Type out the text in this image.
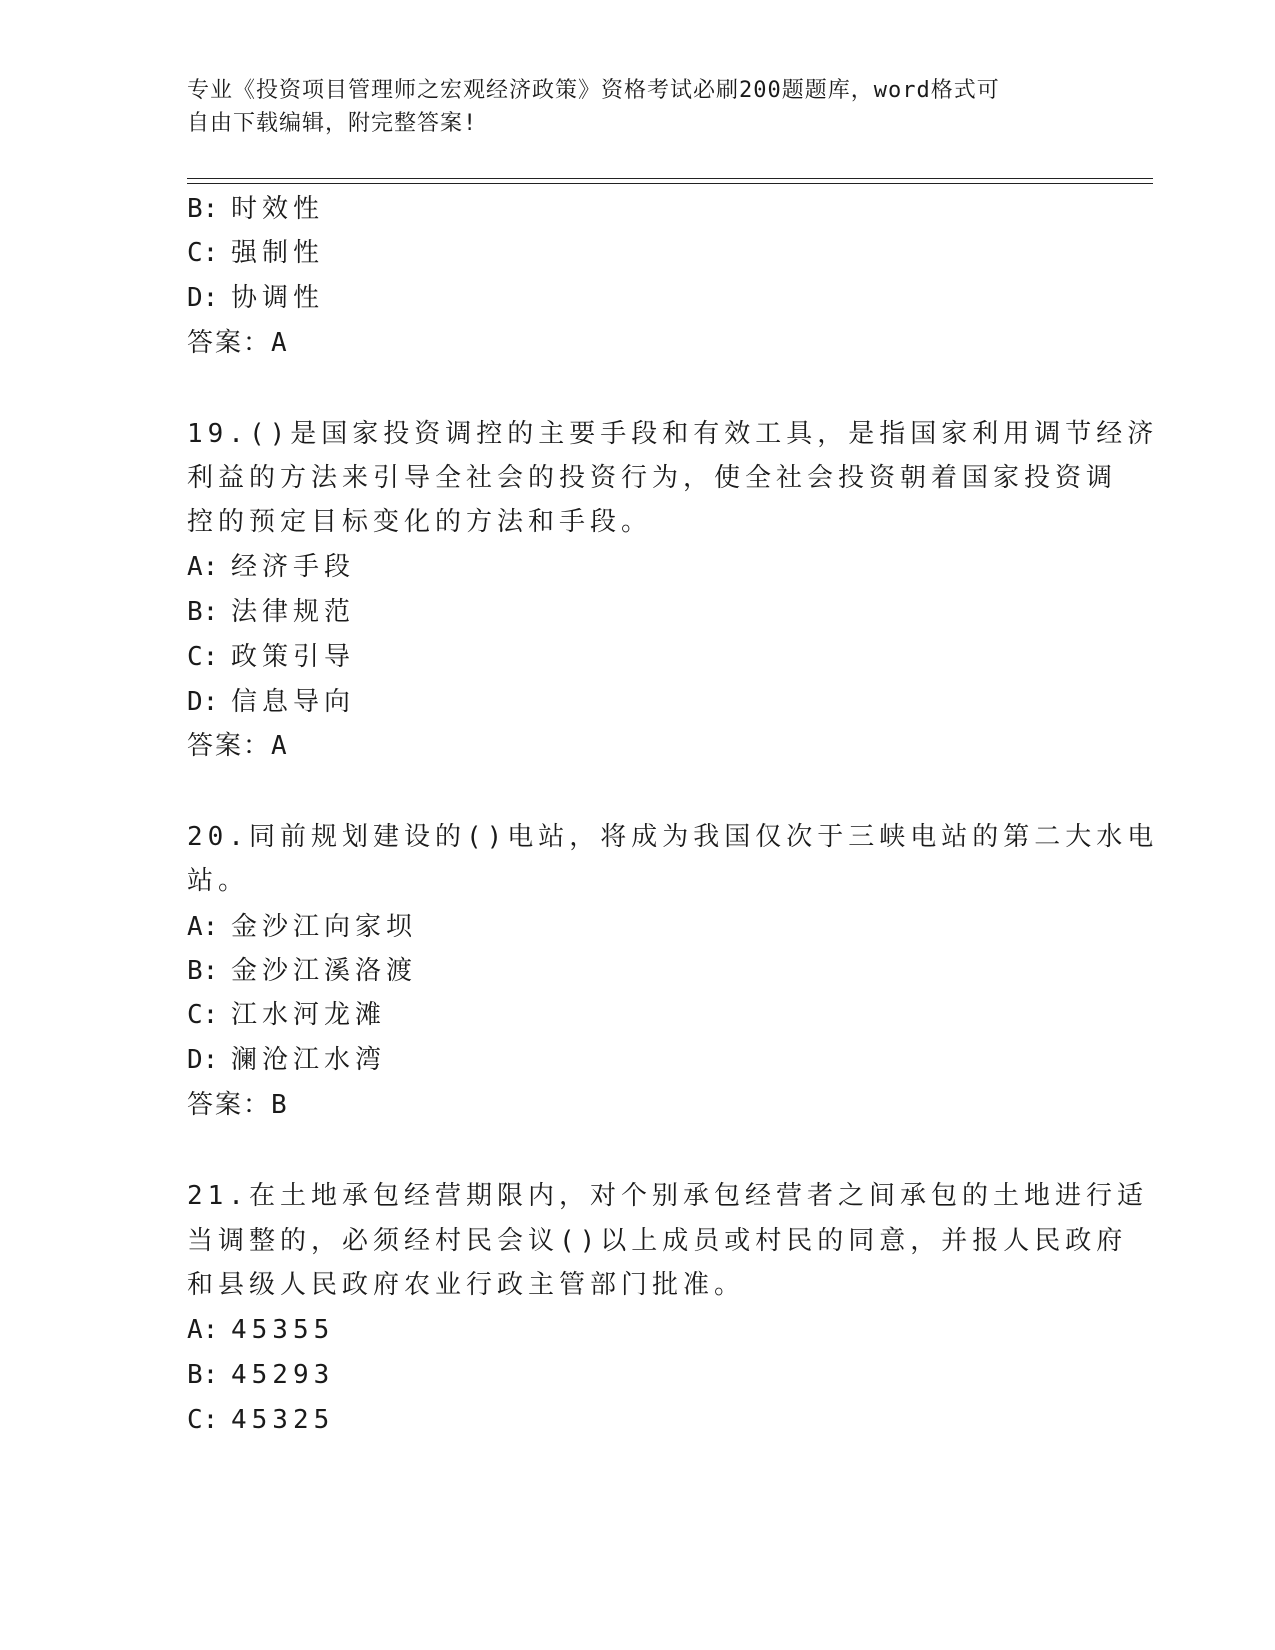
专业《投资项目管理师之宏观经济政策》资格考试必刷200题题库，word格式可
自由下载编辑，附完整答案!
B: 时效性
C: 强制性
D: 协调性
答案：A
19.()是国家投资调控的主要手段和有效工具，是指国家利用调节经济
利益的方法来引导全社会的投资行为，使全社会投资朝着国家投资调
控的预定目标变化的方法和手段。
A: 经济手段
B: 法律规范
C: 政策引导
D: 信息导向
答案：A
20.同前规划建设的()电站，将成为我国仅次于三峡电站的第二大水电
站。
A: 金沙江向家坝
B: 金沙江溪洛渡
C: 江水河龙滩
D: 澜沧江水湾
答案：B
21.在土地承包经营期限内，对个别承包经营者之间承包的土地进行适
当调整的，必须经村民会议()以上成员或村民的同意，并报人民政府
和县级人民政府农业行政主管部门批准。
A: 45355
B: 45293
C: 45325
